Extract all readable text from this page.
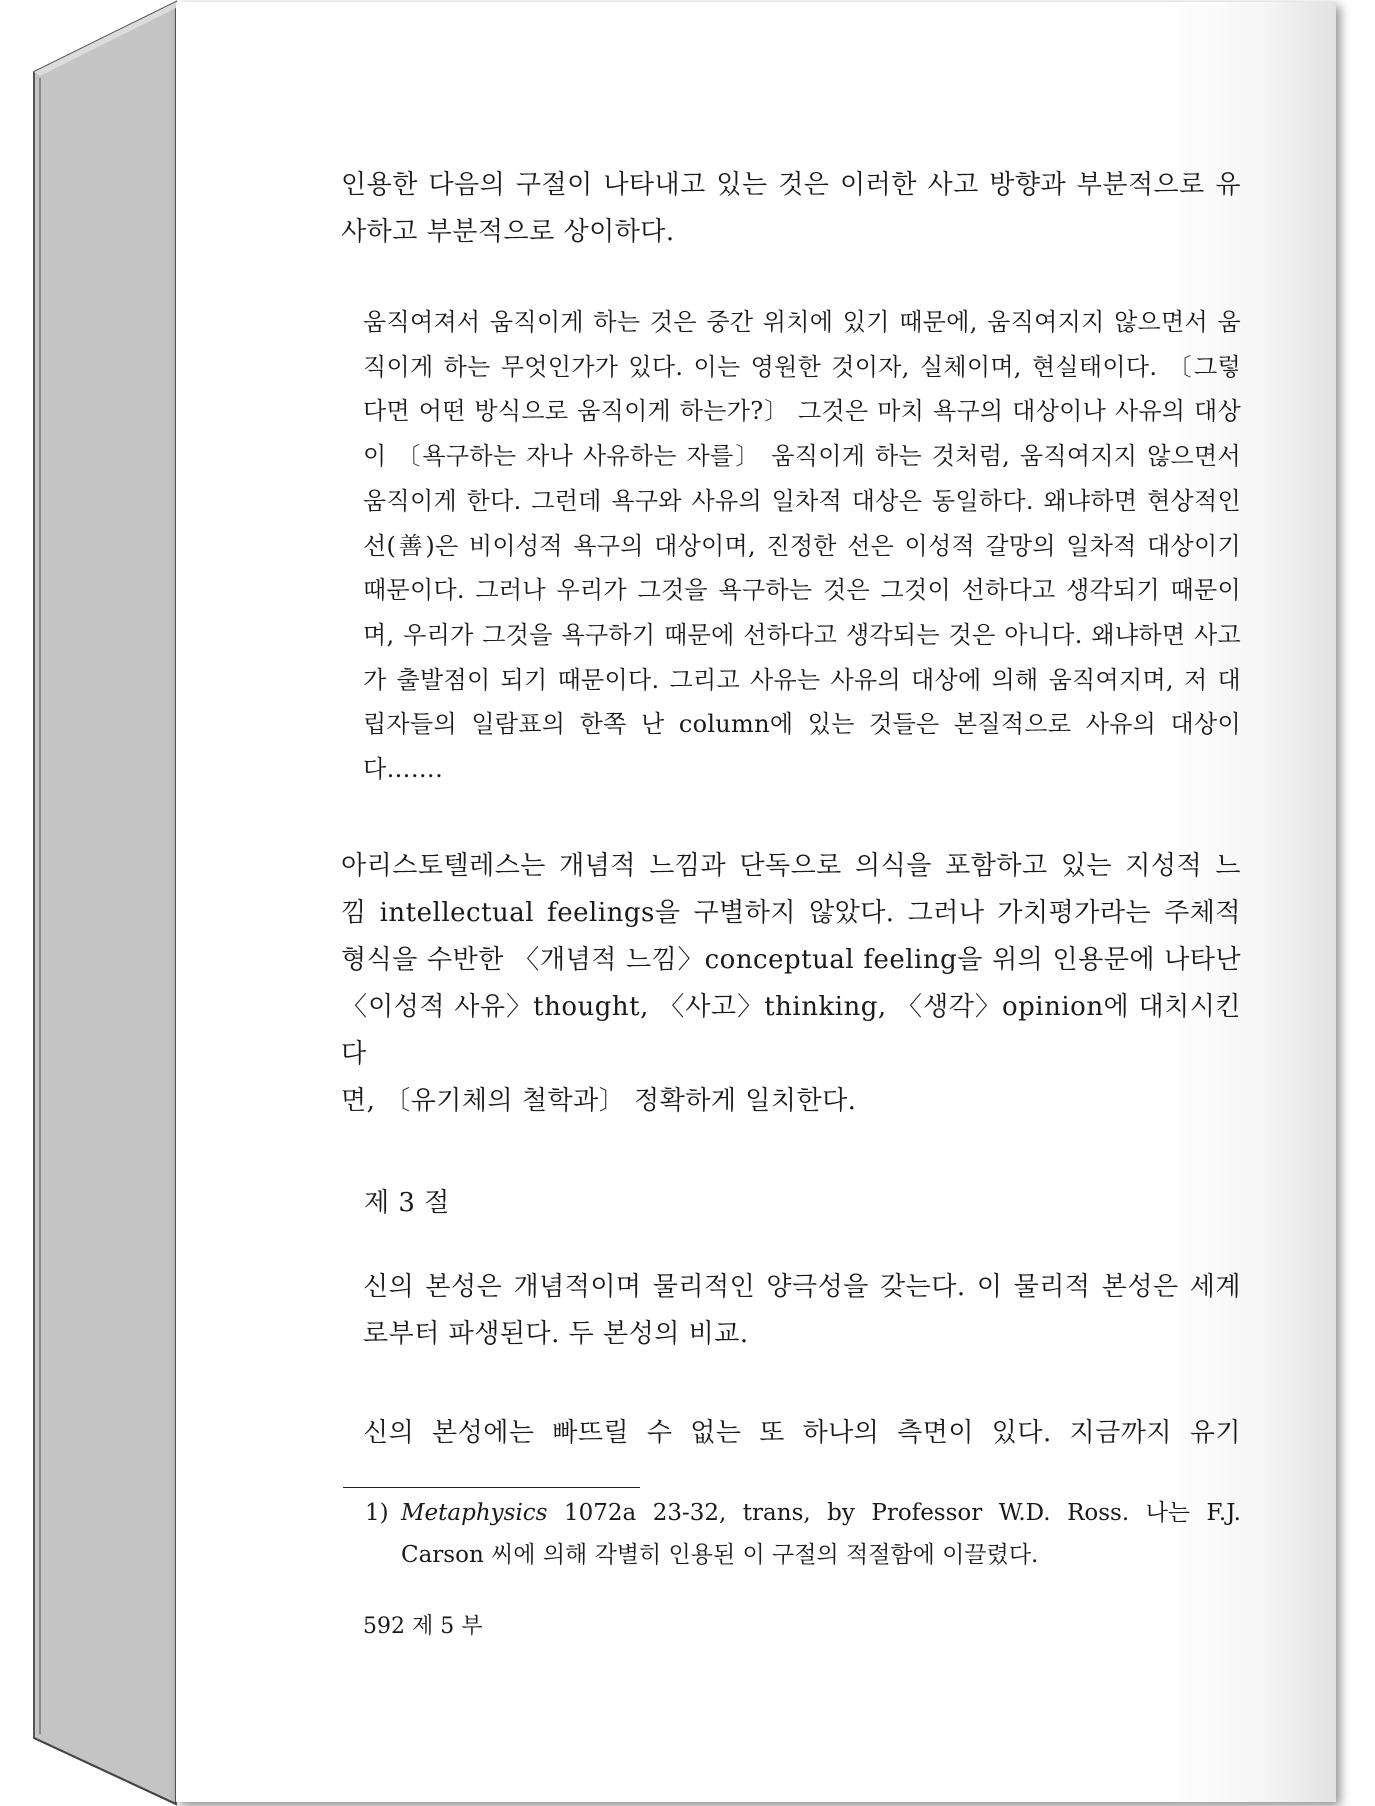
인용한 다음의 구절이 나타내고 있는 것은 이러한 사고 방향과 부분적으로 유사하고 부분적으로 상이하다.

움직여져서 움직이게 하는 것은 중간 위치에 있기 때문에, 움직여지지 않으면서 움직이게 하는 무엇인가가 있다. 이는 영원한 것이자, 실체이며, 현실태이다. 〔그렇다면 어떤 방식으로 움직이게 하는가?〕 그것은 마치 욕구의 대상이나 사유의 대상이 〔욕구하는 자나 사유하는 자를〕 움직이게 하는 것처럼, 움직여지지 않으면서 움직이게 한다. 그런데 욕구와 사유의 일차적 대상은 동일하다. 왜냐하면 현상적인 선(善)은 비이성적 욕구의 대상이며, 진정한 선은 이성적 갈망의 일차적 대상이기 때문이다. 그러나 우리가 그것을 욕구하는 것은 그것이 선하다고 생각되기 때문이며, 우리가 그것을 욕구하기 때문에 선하다고 생각되는 것은 아니다. 왜냐하면 사고가 출발점이 되기 때문이다. 그리고 사유는 사유의 대상에 의해 움직여지며, 저 대립자들의 일람표의 한쪽 난 column에 있는 것들은 본질적으로 사유의 대상이다…….

아리스토텔레스는 개념적 느낌과 단독으로 의식을 포함하고 있는 지성적 느
낌 intellectual feelings을 구별하지 않았다. 그러나 가치평가라는 주체적
형식을 수반한 〈개념적 느낌〉conceptual feeling을 위의 인용문에 나타난
〈이성적 사유〉thought, 〈사고〉thinking, 〈생각〉opinion에 대치시킨다
면, 〔유기체의 철학과〕 정확하게 일치한다.

제 3 절

신의 본성은 개념적이며 물리적인 양극성을 갖는다. 이 물리적 본성은 세계로부터 파생된다. 두 본성의 비교.

신의 본성에는 빠뜨릴 수 없는 또 하나의 측면이 있다. 지금까지 유기

1) Metaphysics 1072a 23-32, trans, by Professor W.D. Ross. 나는 F.J. Carson 씨에 의해 각별히 인용된 이 구절의 적절함에 이끌렸다.

592 제 5 부
